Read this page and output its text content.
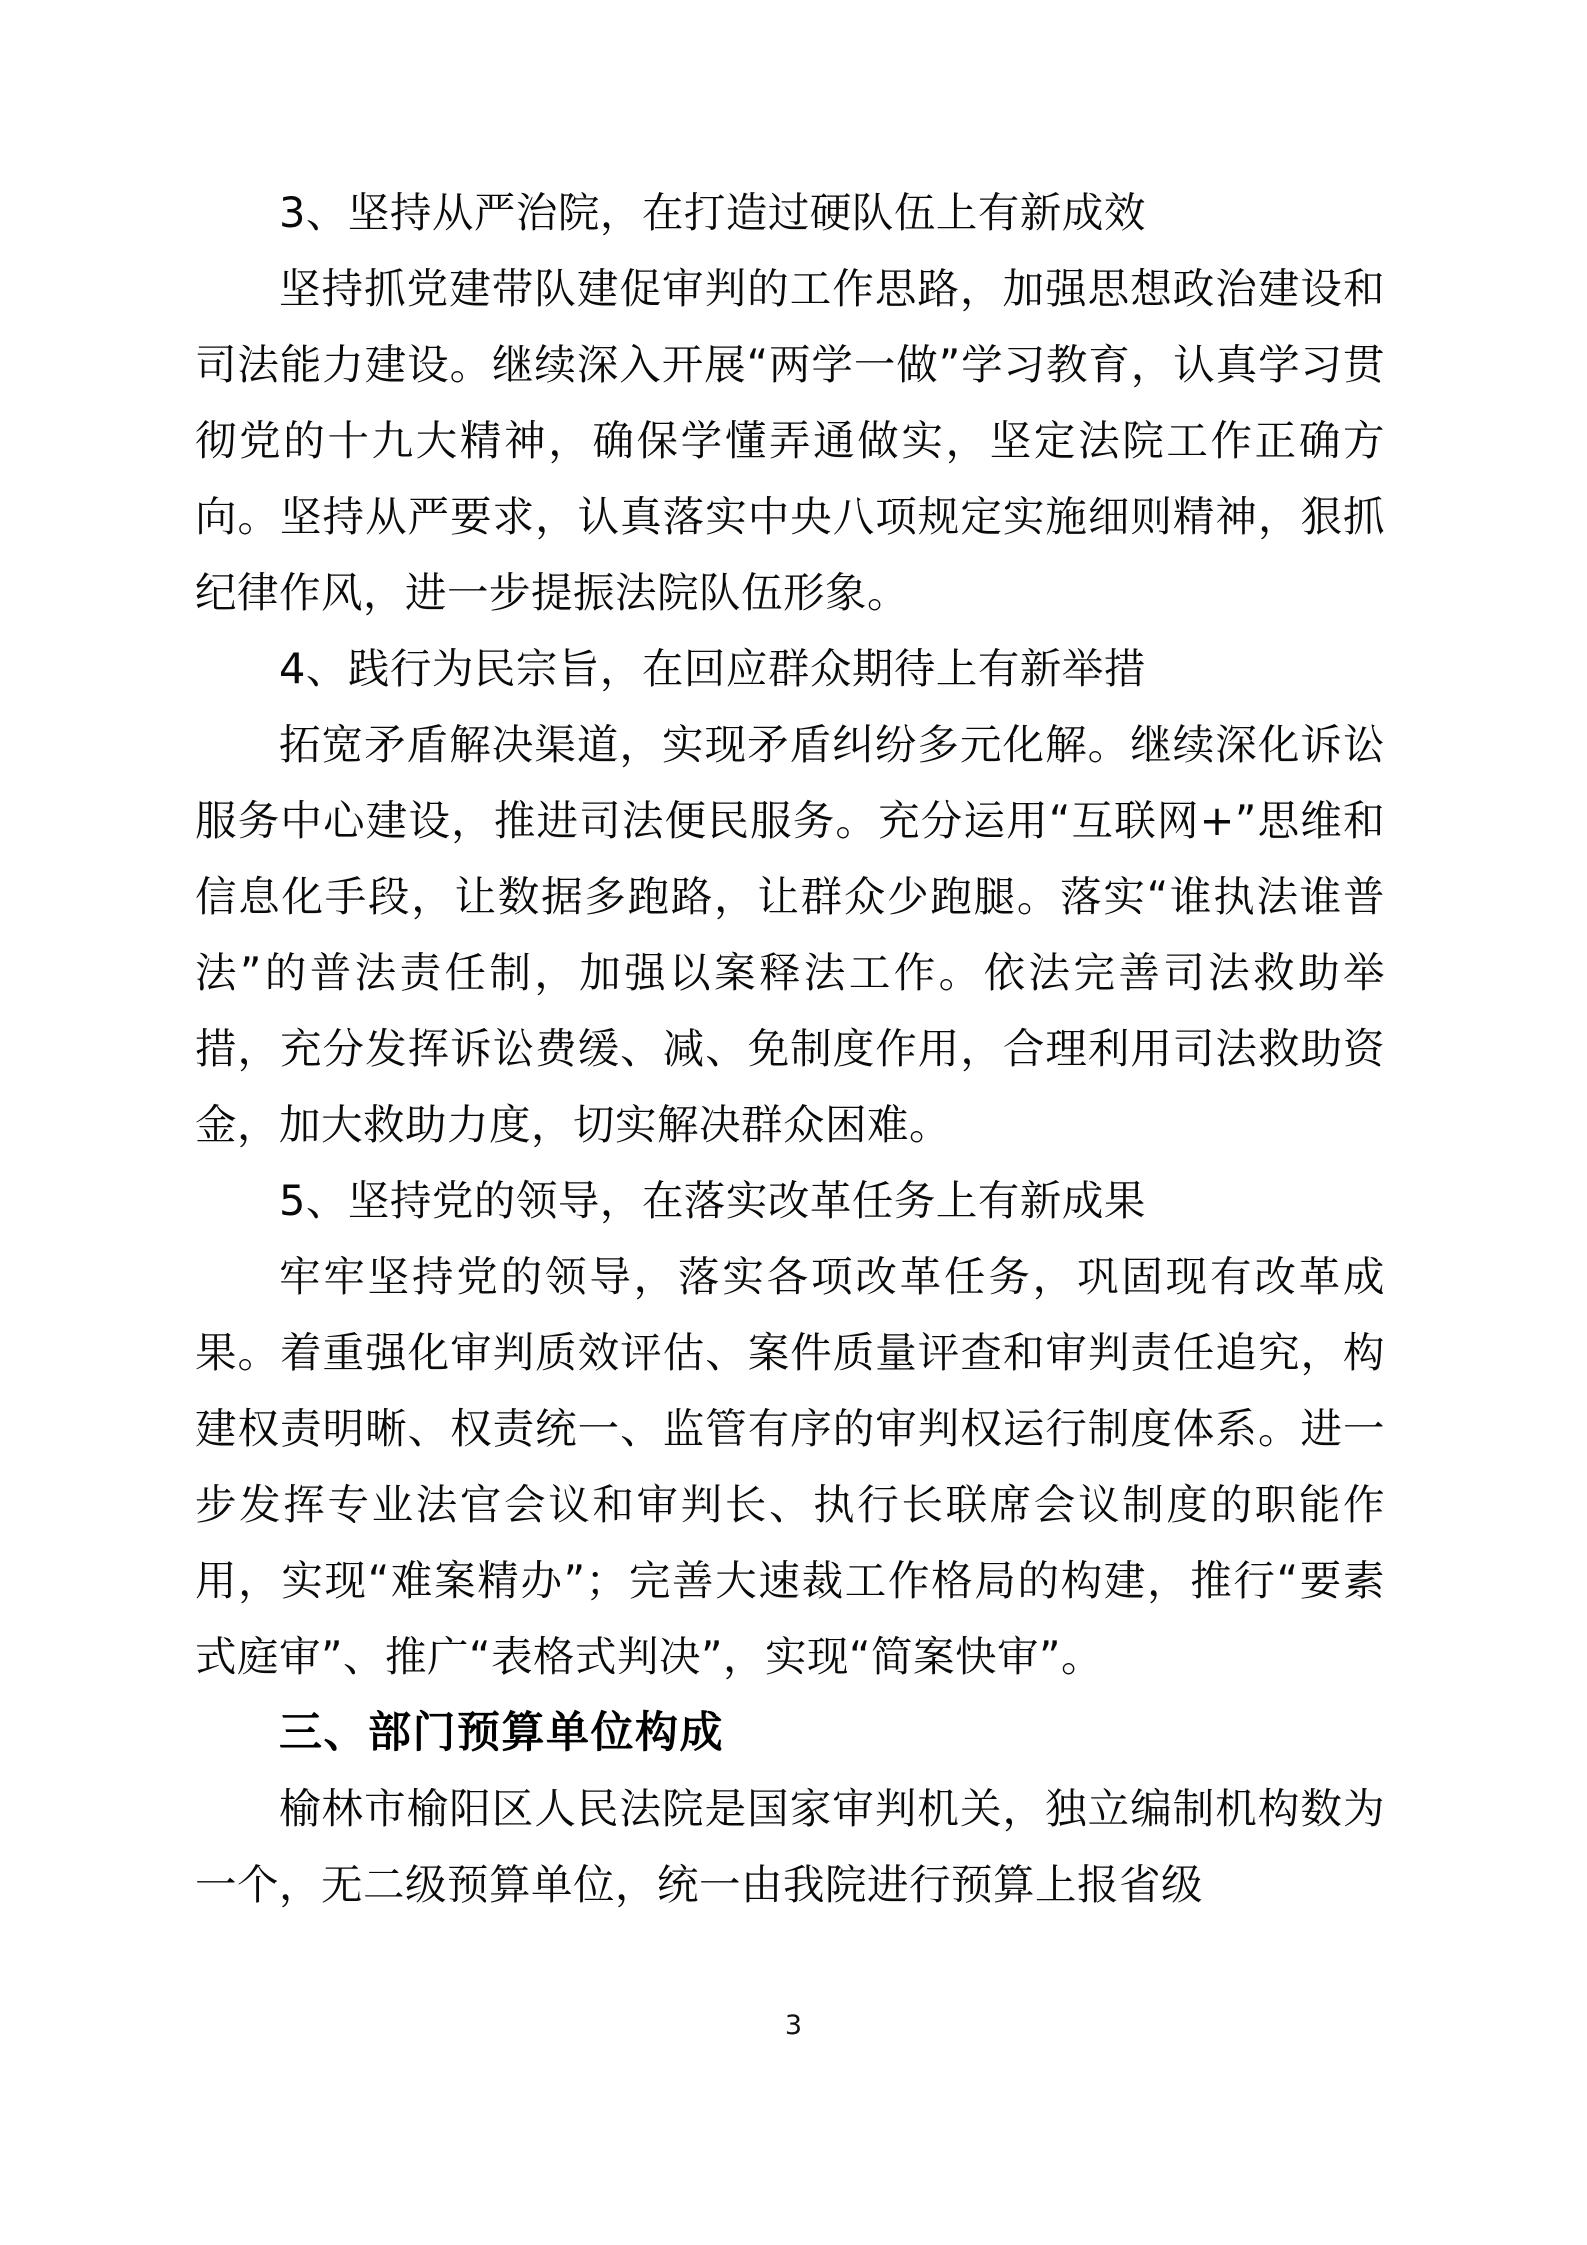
3、坚持从严治院，在打造过硬队伍上有新成效

坚持抓党建带队建促审判的工作思路，加强思想政治建设和司法能力建设。继续深入开展“两学一做”学习教育，认真学习贯彻党的十九大精神，确保学懂弄通做实，坚定法院工作正确方向。坚持从严要求，认真落实中央八项规定实施细则精神，狠抓纪律作风，进一步提振法院队伍形象。

4、践行为民宗旨，在回应群众期待上有新举措

拓宽矛盾解决渠道，实现矛盾纠纷多元化解。继续深化诉讼服务中心建设，推进司法便民服务。充分运用“互联网+”思维和信息化手段，让数据多跑路，让群众少跑腿。落实“谁执法谁普法”的普法责任制，加强以案释法工作。依法完善司法救助举措，充分发挥诉讼费缓、减、免制度作用，合理利用司法救助资金，加大救助力度，切实解决群众困难。

5、坚持党的领导，在落实改革任务上有新成果

牢牢坚持党的领导，落实各项改革任务，巩固现有改革成果。着重强化审判质效评估、案件质量评查和审判责任追究，构建权责明晰、权责统一、监管有序的审判权运行制度体系。进一步发挥专业法官会议和审判长、执行长联席会议制度的职能作用，实现“难案精办”；完善大速裁工作格局的构建，推行“要素式庭审”、推广“表格式判决”，实现“简案快审”。

三、部门预算单位构成

榆林市榆阳区人民法院是国家审判机关，独立编制机构数为一个，无二级预算单位，统一由我院进行预算上报省级

3
